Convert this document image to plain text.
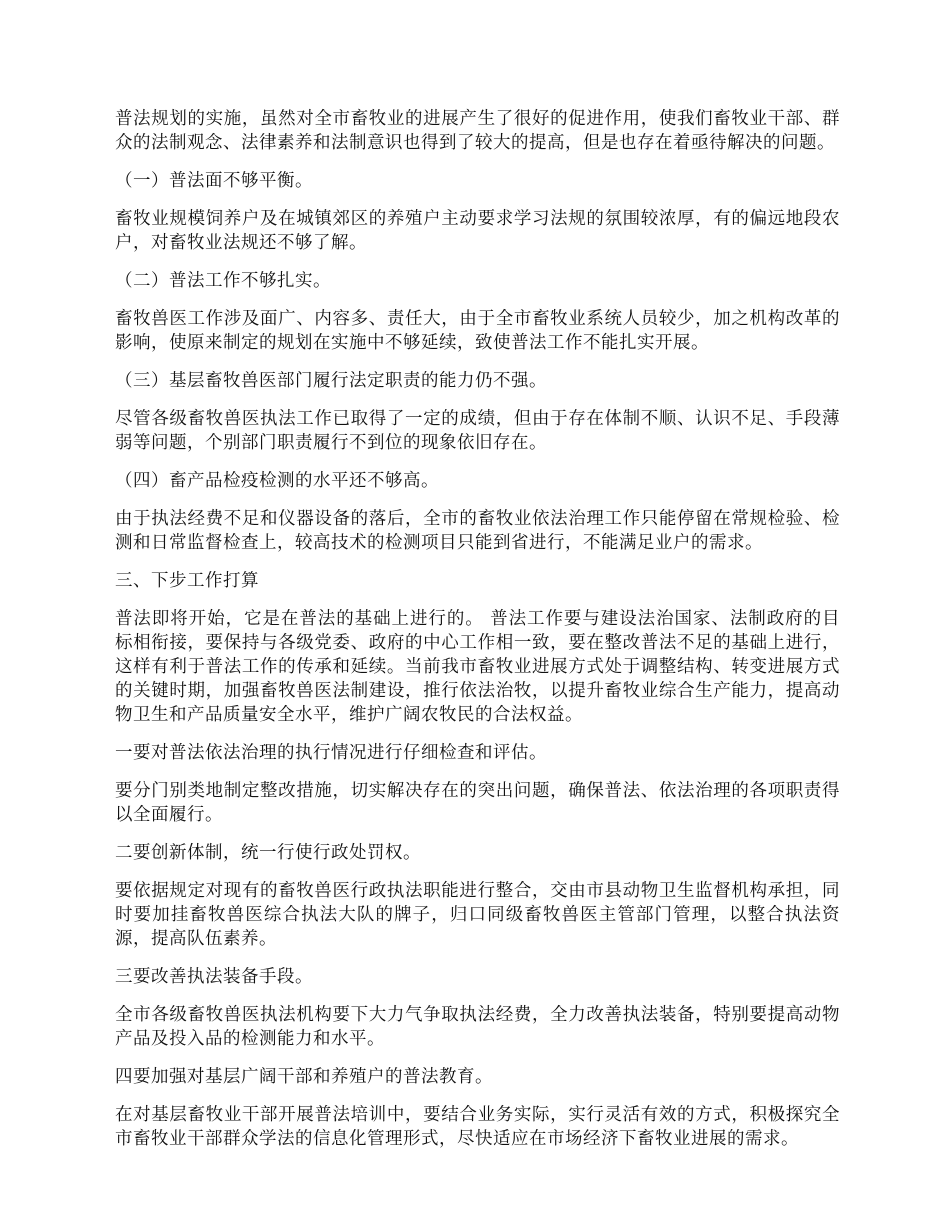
普法规划的实施，虽然对全市畜牧业的进展产生了很好的促进作用，使我们畜牧业干部、群众的法制观念、法律素养和法制意识也得到了较大的提高，但是也存在着亟待解决的问题。

（一）普法面不够平衡。

畜牧业规模饲养户及在城镇郊区的养殖户主动要求学习法规的氛围较浓厚，有的偏远地段农户，对畜牧业法规还不够了解。

（二）普法工作不够扎实。

畜牧兽医工作涉及面广、内容多、责任大，由于全市畜牧业系统人员较少，加之机构改革的影响，使原来制定的规划在实施中不够延续，致使普法工作不能扎实开展。

（三）基层畜牧兽医部门履行法定职责的能力仍不强。

尽管各级畜牧兽医执法工作已取得了一定的成绩，但由于存在体制不顺、认识不足、手段薄弱等问题，个别部门职责履行不到位的现象依旧存在。

（四）畜产品检疫检测的水平还不够高。

由于执法经费不足和仪器设备的落后，全市的畜牧业依法治理工作只能停留在常规检验、检测和日常监督检查上，较高技术的检测项目只能到省进行，不能满足业户的需求。

三、下步工作打算

普法即将开始，它是在普法的基础上进行的。 普法工作要与建设法治国家、法制政府的目标相衔接，要保持与各级党委、政府的中心工作相一致，要在整改普法不足的基础上进行，这样有利于普法工作的传承和延续。当前我市畜牧业进展方式处于调整结构、转变进展方式的关键时期，加强畜牧兽医法制建设，推行依法治牧，以提升畜牧业综合生产能力，提高动物卫生和产品质量安全水平，维护广阔农牧民的合法权益。

一要对普法依法治理的执行情况进行仔细检查和评估。

要分门别类地制定整改措施，切实解决存在的突出问题，确保普法、依法治理的各项职责得以全面履行。

二要创新体制，统一行使行政处罚权。

要依据规定对现有的畜牧兽医行政执法职能进行整合，交由市县动物卫生监督机构承担，同时要加挂畜牧兽医综合执法大队的牌子，归口同级畜牧兽医主管部门管理，以整合执法资源，提高队伍素养。

三要改善执法装备手段。

全市各级畜牧兽医执法机构要下大力气争取执法经费，全力改善执法装备，特别要提高动物产品及投入品的检测能力和水平。

四要加强对基层广阔干部和养殖户的普法教育。

在对基层畜牧业干部开展普法培训中，要结合业务实际，实行灵活有效的方式，积极探究全市畜牧业干部群众学法的信息化管理形式，尽快适应在市场经济下畜牧业进展的需求。
